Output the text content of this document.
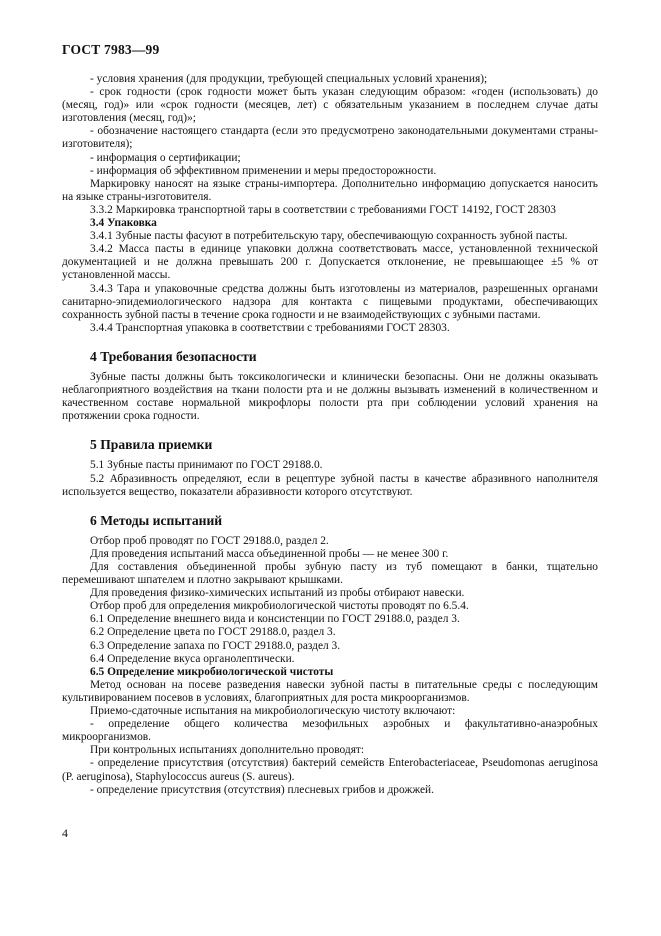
ГОСТ 7983—99

- условия хранения (для продукции, требующей специальных условий хранения);

- срок годности (срок годности может быть указан следующим образом: «годен (использовать) до (месяц, год)» или «срок годности (месяцев, лет) с обязательным указанием в последнем случае даты изготовления (месяц, год)»;

- обозначение настоящего стандарта (если это предусмотрено законодательными документами страны-изготовителя);

- информация о сертификации;

- информация об эффективном применении и меры предосторожности.

Маркировку наносят на языке страны-импортера. Дополнительно информацию допускается наносить на языке страны-изготовителя.

3.3.2 Маркировка транспортной тары в соответствии с требованиями ГОСТ 14192, ГОСТ 28303

3.4 Упаковка

3.4.1 Зубные пасты фасуют в потребительскую тару, обеспечивающую сохранность зубной пасты.

3.4.2 Масса пасты в единице упаковки должна соответствовать массе, установленной технической документацией и не должна превышать 200 г. Допускается отклонение, не превышающее ±5 % от установленной массы.

3.4.3 Тара и упаковочные средства должны быть изготовлены из материалов, разрешенных органами санитарно-эпидемиологического надзора для контакта с пищевыми продуктами, обеспечивающих сохранность зубной пасты в течение срока годности и не взаимодействующих с зубными пастами.

3.4.4 Транспортная упаковка в соответствии с требованиями ГОСТ 28303.

4 Требования безопасности

Зубные пасты должны быть токсикологически и клинически безопасны. Они не должны оказывать неблагоприятного воздействия на ткани полости рта и не должны вызывать изменений в количественном и качественном составе нормальной микрофлоры полости рта при соблюдении условий хранения на протяжении срока годности.

5 Правила приемки

5.1 Зубные пасты принимают по ГОСТ 29188.0.

5.2 Абразивность определяют, если в рецептуре зубной пасты в качестве абразивного наполнителя используется вещество, показатели абразивности которого отсутствуют.

6 Методы испытаний

Отбор проб проводят по ГОСТ 29188.0, раздел 2.

Для проведения испытаний масса объединенной пробы — не менее 300 г.

Для составления объединенной пробы зубную пасту из туб помещают в банки, тщательно перемешивают шпателем и плотно закрывают крышками.

Для проведения физико-химических испытаний из пробы отбирают навески.

Отбор проб для определения микробиологической чистоты проводят по 6.5.4.

6.1 Определение внешнего вида и консистенции по ГОСТ 29188.0, раздел 3.

6.2 Определение цвета по ГОСТ 29188.0, раздел 3.

6.3 Определение запаха по ГОСТ 29188.0, раздел 3.

6.4 Определение вкуса органолептически.

6.5 Определение микробиологической чистоты

Метод основан на посеве разведения навески зубной пасты в питательные среды с последующим культивированием посевов в условиях, благоприятных для роста микроорганизмов.

Приемо-сдаточные испытания на микробиологическую чистоту включают:

- определение общего количества мезофильных аэробных и факультативно-анаэробных микроорганизмов.

При контрольных испытаниях дополнительно проводят:

- определение присутствия (отсутствия) бактерий семейств Enterobacteriaceae, Pseudomonas aeruginosa (P. aeruginosa), Staphylococcus aureus (S. aureus).

- определение присутствия (отсутствия) плесневых грибов и дрожжей.

4
